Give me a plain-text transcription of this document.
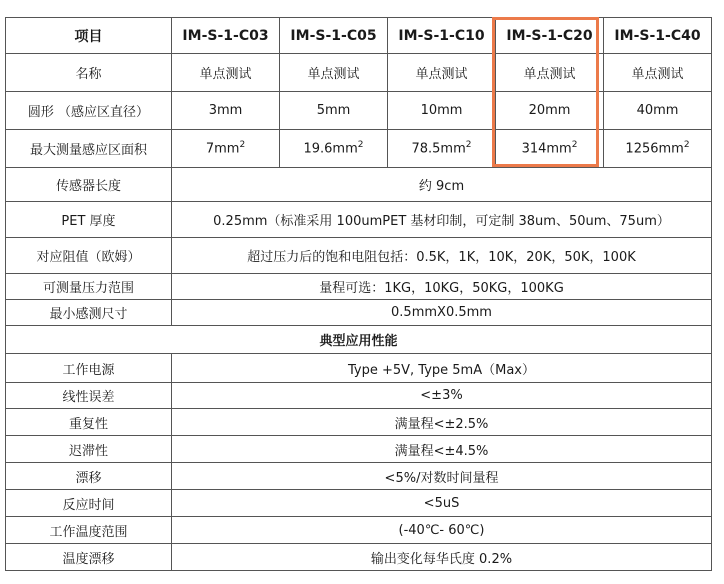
项目	IM-S-1-C03	IM-S-1-C05	IM-S-1-C10	IM-S-1-C20	IM-S-1-C40
名称	单点测试	单点测试	单点测试	单点测试	单点测试
圆形 （感应区直径）	3mm	5mm	10mm	20mm	40mm
最大测量感应区面积	$7mm^2$	$19.6mm^2$	$78.5mm^2$	$314mm^2$	$1256mm^2$
传感器长度	约 9cm				
PET 厚度	0.25mm（标准采用 100umPET 基材印制，可定制 38um、50um、75um）				
对应阻值（欧姆）	超过压力后的饱和电阻包括：0.5K，1K，10K，20K，50K，100K				
可测量压力范围	量程可选：1KG，10KG，50KG，100KG				
最小感测尺寸	0.5mmX0.5mm				
典型应用性能					
工作电源	Type +5V, Type 5mA（Max）				
线性误差	<±3%				
重复性	满量程<±2.5%				
迟滞性	满量程<±4.5%				
漂移	<5%/对数时间量程				
反应时间	<5uS				
工作温度范围	(-40℃- 60℃)				
温度漂移	输出变化每华氏度 0.2%				
